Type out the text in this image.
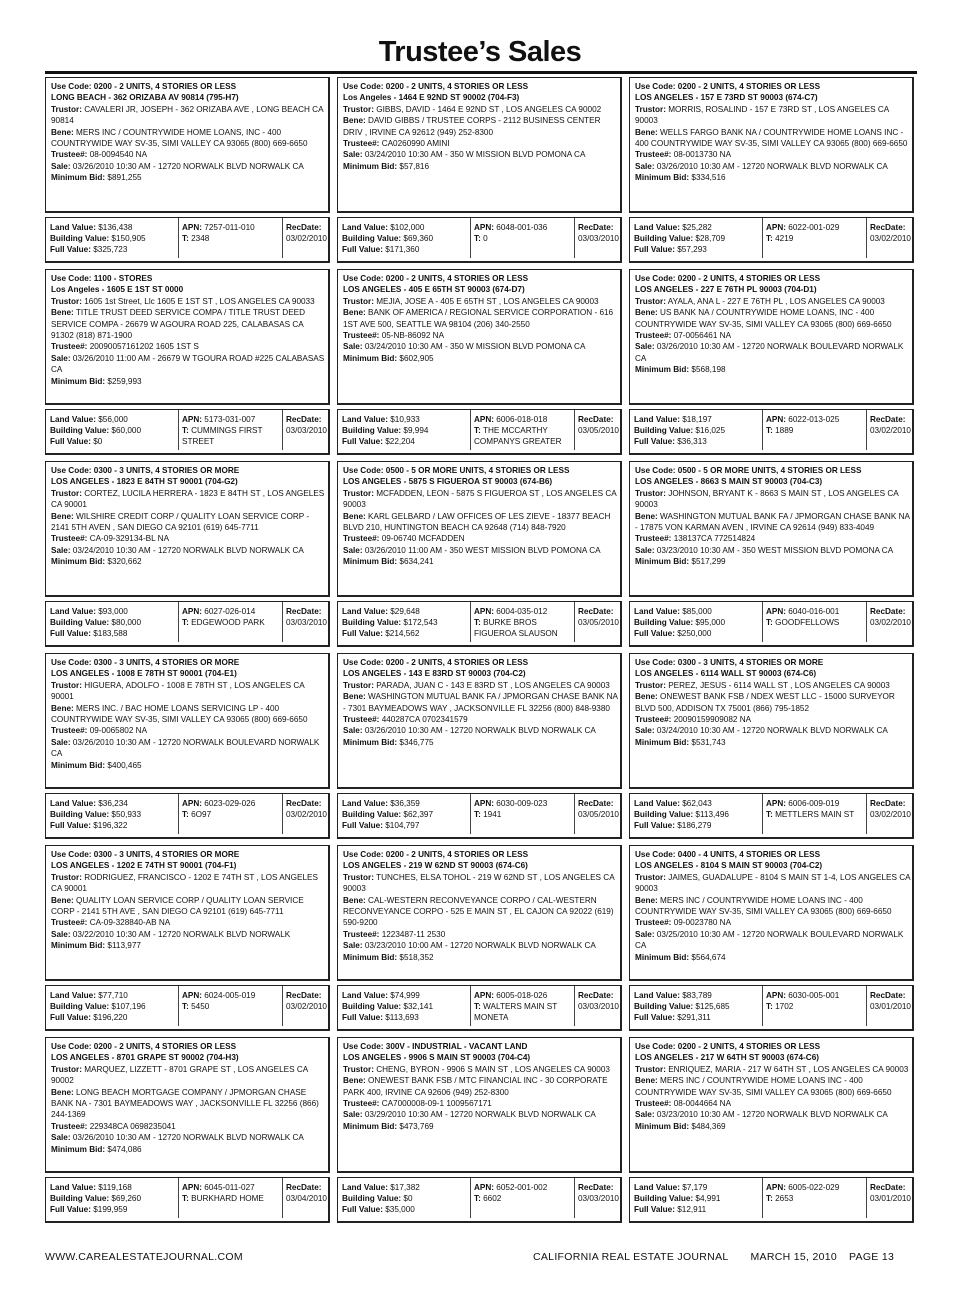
Trustee’s Sales

Use Code: 0200 - 2 UNITS, 4 STORIES OR LESS

LONG BEACH - 362 ORIZABA AV 90814 (795-H7)

Trustor: CAVALERI JR, JOSEPH - 362 ORIZABA AVE , LONG BEACH CA 90814

Bene: MERS INC / COUNTRYWIDE HOME LOANS, INC - 400 COUNTRYWIDE WAY SV-35, SIMI VALLEY CA 93065 (800) 669-6650

Trustee#: 08-0094540 NA

Sale: 03/26/2010 10:30 AM - 12720 NORWALK BLVD NORWALK CA

Minimum Bid: $891,255

Land Value: $136,438
Building Value: $150,905
Full Value: $325,723
APN: 7257-011-010
T: 2348
RecDate:
03/02/2010

Use Code: 0200 - 2 UNITS, 4 STORIES OR LESS

Los Angeles - 1464 E 92ND ST 90002 (704-F3)

Trustor: GIBBS, DAVID - 1464 E 92ND ST , LOS ANGELES CA 90002

Bene: DAVID GIBBS / TRUSTEE CORPS - 2112 BUSINESS CENTER DRIV , IRVINE CA 92612 (949) 252-8300

Trustee#: CA0260990 AMINI

Sale: 03/24/2010 10:30 AM - 350 W MISSION BLVD POMONA CA

Minimum Bid: $57,816

Land Value: $102,000
Building Value: $69,360
Full Value: $171,360
APN: 6048-001-036
T: 0
RecDate:
03/03/2010

Use Code: 0200 - 2 UNITS, 4 STORIES OR LESS

LOS ANGELES - 157 E 73RD ST 90003 (674-C7)

Trustor: MORRIS, ROSALIND - 157 E 73RD ST , LOS ANGELES CA 90003

Bene: WELLS FARGO BANK NA / COUNTRYWIDE HOME LOANS INC - 400 COUNTRYWIDE WAY SV-35, SIMI VALLEY CA 93065 (800) 669-6650

Trustee#: 08-0013730 NA

Sale: 03/26/2010 10:30 AM - 12720 NORWALK BLVD NORWALK CA

Minimum Bid: $334,516

Land Value: $25,282
Building Value: $28,709
Full Value: $57,293
APN: 6022-001-029
T: 4219
RecDate:
03/02/2010

Use Code: 1100 - STORES

Los Angeles - 1605 E 1ST ST 0000

Trustor: 1605 1st Street, Llc 1605 E 1ST ST , LOS ANGELES CA 90033

Bene: TITLE TRUST DEED SERVICE COMPA / TITLE TRUST DEED SERVICE COMPA - 26679 W AGOURA ROAD 225, CALABASAS CA 91302 (818) 871-1900

Trustee#: 20090057161202 1605 1ST S

Sale: 03/26/2010 11:00 AM - 26679 W TGOURA ROAD #225 CALABASAS CA

Minimum Bid: $259,993

Land Value: $56,000
Building Value: $60,000
Full Value: $0
APN: 5173-031-007
T: CUMMINGS FIRST STREET
RecDate:
03/03/2010

Use Code: 0200 - 2 UNITS, 4 STORIES OR LESS

LOS ANGELES - 405 E 65TH ST 90003 (674-D7)

Trustor: MEJIA, JOSE A - 405 E 65TH ST , LOS ANGELES CA 90003

Bene: BANK OF AMERICA / REGIONAL SERVICE CORPORATION - 616 1ST AVE 500, SEATTLE WA 98104 (206) 340-2550

Trustee#: 05-NB-86092 NA

Sale: 03/24/2010 10:30 AM - 350 W MISSION BLVD POMONA CA

Minimum Bid: $602,905

Land Value: $10,933
Building Value: $9,994
Full Value: $22,204
APN: 6006-018-018
T: THE MCCARTHY COMPANYS GREATER
RecDate:
03/05/2010

Use Code: 0200 - 2 UNITS, 4 STORIES OR LESS

LOS ANGELES - 227 E 76TH PL 90003 (704-D1)

Trustor: AYALA, ANA L - 227 E 76TH PL , LOS ANGELES CA 90003

Bene: US BANK NA / COUNTRYWIDE HOME LOANS, INC - 400 COUNTRYWIDE WAY SV-35, SIMI VALLEY CA 93065 (800) 669-6650

Trustee#: 07-0056461 NA

Sale: 03/26/2010 10:30 AM - 12720 NORWALK BOULEVARD NORWALK CA

Minimum Bid: $568,198

Land Value: $18,197
Building Value: $16,025
Full Value: $36,313
APN: 6022-013-025
T: 1889
RecDate:
03/02/2010

Use Code: 0300 - 3 UNITS, 4 STORIES OR MORE

LOS ANGELES - 1823 E 84TH ST 90001 (704-G2)

Trustor: CORTEZ, LUCILA HERRERA - 1823 E 84TH ST , LOS ANGELES CA 90001

Bene: WILSHIRE CREDIT CORP / QUALITY LOAN SERVICE CORP - 2141 5TH AVEN , SAN DIEGO CA 92101 (619) 645-7711

Trustee#: CA-09-329134-BL NA

Sale: 03/24/2010 10:30 AM - 12720 NORWALK BLVD NORWALK CA

Minimum Bid: $320,662

Land Value: $93,000
Building Value: $80,000
Full Value: $183,588
APN: 6027-026-014
T: EDGEWOOD PARK
RecDate:
03/03/2010

Use Code: 0500 - 5 OR MORE UNITS, 4 STORIES OR LESS

LOS ANGELES - 5875 S FIGUEROA ST 90003 (674-B6)

Trustor: MCFADDEN, LEON - 5875 S FIGUEROA ST , LOS ANGELES CA 90003

Bene: KARL GELBARD / LAW OFFICES OF LES ZIEVE - 18377 BEACH BLVD 210, HUNTINGTON BEACH CA 92648 (714) 848-7920

Trustee#: 09-06740 MCFADDEN

Sale: 03/26/2010 11:00 AM - 350 WEST MISSION BLVD POMONA CA

Minimum Bid: $634,241

Land Value: $29,648
Building Value: $172,543
Full Value: $214,562
APN: 6004-035-012
T: BURKE BROS FIGUEROA SLAUSON
RecDate:
03/05/2010

Use Code: 0500 - 5 OR MORE UNITS, 4 STORIES OR LESS

LOS ANGELES - 8663 S MAIN ST 90003 (704-C3)

Trustor: JOHNSON, BRYANT K - 8663 S MAIN ST , LOS ANGELES CA 90003

Bene: WASHINGTON MUTUAL BANK FA / JPMORGAN CHASE BANK NA - 17875 VON KARMAN AVEN , IRVINE CA 92614 (949) 833-4049

Trustee#: 138137CA 772514824

Sale: 03/23/2010 10:30 AM - 350 WEST MISSION BLVD POMONA CA

Minimum Bid: $517,299

Land Value: $85,000
Building Value: $95,000
Full Value: $250,000
APN: 6040-016-001
T: GOODFELLOWS
RecDate:
03/02/2010

Use Code: 0300 - 3 UNITS, 4 STORIES OR MORE

LOS ANGELES - 1008 E 78TH ST 90001 (704-E1)

Trustor: HIGUERA, ADOLFO - 1008 E 78TH ST , LOS ANGELES CA 90001

Bene: MERS INC. / BAC HOME LOANS SERVICING LP - 400 COUNTRYWIDE WAY SV-35, SIMI VALLEY CA 93065 (800) 669-6650

Trustee#: 09-0065802 NA

Sale: 03/26/2010 10:30 AM - 12720 NORWALK BOULEVARD NORWALK CA

Minimum Bid: $400,465

Land Value: $36,234
Building Value: $50,933
Full Value: $196,322
APN: 6023-029-026
T: 6O97
RecDate:
03/02/2010

Use Code: 0200 - 2 UNITS, 4 STORIES OR LESS

LOS ANGELES - 143 E 83RD ST 90003 (704-C2)

Trustor: PARADA, JUAN C - 143 E 83RD ST , LOS ANGELES CA 90003

Bene: WASHINGTON MUTUAL BANK FA / JPMORGAN CHASE BANK NA - 7301 BAYMEADOWS WAY , JACKSONVILLE FL 32256 (800) 848-9380

Trustee#: 440287CA 0702341579

Sale: 03/26/2010 10:30 AM - 12720 NORWALK BLVD NORWALK CA

Minimum Bid: $346,775

Land Value: $36,359
Building Value: $62,397
Full Value: $104,797
APN: 6030-009-023
T: 1941
RecDate:
03/05/2010

Use Code: 0300 - 3 UNITS, 4 STORIES OR MORE

LOS ANGELES - 6114 WALL ST 90003 (674-C6)

Trustor: PEREZ, JESUS - 6114 WALL ST , LOS ANGELES CA 90003

Bene: ONEWEST BANK FSB / NDEX WEST LLC - 15000 SURVEYOR BLVD 500, ADDISON TX 75001 (866) 795-1852

Trustee#: 20090159909082 NA

Sale: 03/24/2010 10:30 AM - 12720 NORWALK BLVD NORWALK CA

Minimum Bid: $531,743

Land Value: $62,043
Building Value: $113,496
Full Value: $186,279
APN: 6006-009-019
T: METTLERS MAIN ST
RecDate:
03/02/2010

Use Code: 0300 - 3 UNITS, 4 STORIES OR MORE

LOS ANGELES - 1202 E 74TH ST 90001 (704-F1)

Trustor: RODRIGUEZ, FRANCISCO - 1202 E 74TH ST , LOS ANGELES CA 90001

Bene: QUALITY LOAN SERVICE CORP / QUALITY LOAN SERVICE CORP - 2141 5TH AVE , SAN DIEGO CA 92101 (619) 645-7711

Trustee#: CA-09-328840-AB NA

Sale: 03/22/2010 10:30 AM - 12720 NORWALK BLVD NORWALK

Minimum Bid: $113,977

Land Value: $77,710
Building Value: $107,196
Full Value: $196,220
APN: 6024-005-019
T: 5450
RecDate:
03/02/2010

Use Code: 0200 - 2 UNITS, 4 STORIES OR LESS

LOS ANGELES - 219 W 62ND ST 90003 (674-C6)

Trustor: TUNCHES, ELSA TOHOL - 219 W 62ND ST , LOS ANGELES CA 90003

Bene: CAL-WESTERN RECONVEYANCE CORPO / CAL-WESTERN RECONVEYANCE CORPO - 525 E MAIN ST , EL CAJON CA 92022 (619) 590-9200

Trustee#: 1223487-11 2530

Sale: 03/23/2010 10:00 AM - 12720 NORWALK BLVD NORWALK CA

Minimum Bid: $518,352

Land Value: $74,999
Building Value: $32,141
Full Value: $113,693
APN: 6005-018-026
T: WALTERS MAIN ST MONETA
RecDate:
03/03/2010

Use Code: 0400 - 4 UNITS, 4 STORIES OR LESS

LOS ANGELES - 8104 S MAIN ST 90003 (704-C2)

Trustor: JAIMES, GUADALUPE - 8104 S MAIN ST 1-4, LOS ANGELES CA 90003

Bene: MERS INC / COUNTRYWIDE HOME LOANS INC - 400 COUNTRYWIDE WAY SV-35, SIMI VALLEY CA 93065 (800) 669-6650

Trustee#: 09-0023780 NA

Sale: 03/25/2010 10:30 AM - 12720 NORWALK BOULEVARD NORWALK CA

Minimum Bid: $564,674

Land Value: $83,789
Building Value: $125,685
Full Value: $291,311
APN: 6030-005-001
T: 1702
RecDate:
03/01/2010

Use Code: 0200 - 2 UNITS, 4 STORIES OR LESS

LOS ANGELES - 8701 GRAPE ST 90002 (704-H3)

Trustor: MARQUEZ, LIZZETT - 8701 GRAPE ST , LOS ANGELES CA 90002

Bene: LONG BEACH MORTGAGE COMPANY / JPMORGAN CHASE BANK NA - 7301 BAYMEADOWS WAY , JACKSONVILLE FL 32256 (866) 244-1369

Trustee#: 229348CA 0698235041

Sale: 03/26/2010 10:30 AM - 12720 NORWALK BLVD NORWALK CA

Minimum Bid: $474,086

Land Value: $119,168
Building Value: $69,260
Full Value: $199,959
APN: 6045-011-027
T: BURKHARD HOME
RecDate:
03/04/2010

Use Code: 300V - INDUSTRIAL - VACANT LAND

LOS ANGELES - 9906 S MAIN ST 90003 (704-C4)

Trustor: CHENG, BYRON - 9906 S MAIN ST , LOS ANGELES CA 90003

Bene: ONEWEST BANK FSB / MTC FINANCIAL INC - 30 CORPORATE PARK 400, IRVINE CA 92606 (949) 252-8300

Trustee#: CA7000008-09-1 1009567171

Sale: 03/29/2010 10:30 AM - 12720 NORWALK BLVD NORWALK CA

Minimum Bid: $473,769

Land Value: $17,382
Building Value: $0
Full Value: $35,000
APN: 6052-001-002
T: 6602
RecDate:
03/03/2010

Use Code: 0200 - 2 UNITS, 4 STORIES OR LESS

LOS ANGELES - 217 W 64TH ST 90003 (674-C6)

Trustor: ENRIQUEZ, MARIA - 217 W 64TH ST , LOS ANGELES CA 90003

Bene: MERS INC / COUNTRYWIDE HOME LOANS INC - 400 COUNTRYWIDE WAY SV-35, SIMI VALLEY CA 93065 (800) 669-6650

Trustee#: 08-0044664 NA

Sale: 03/23/2010 10:30 AM - 12720 NORWALK BLVD NORWALK CA

Minimum Bid: $484,369

Land Value: $7,179
Building Value: $4,991
Full Value: $12,911
APN: 6005-022-029
T: 2653
RecDate:
03/01/2010
WWW.CAREALESTATEJOURNAL.COM	CALIFORNIA REAL ESTATE JOURNAL MARCH 15, 2010 PAGE 13
